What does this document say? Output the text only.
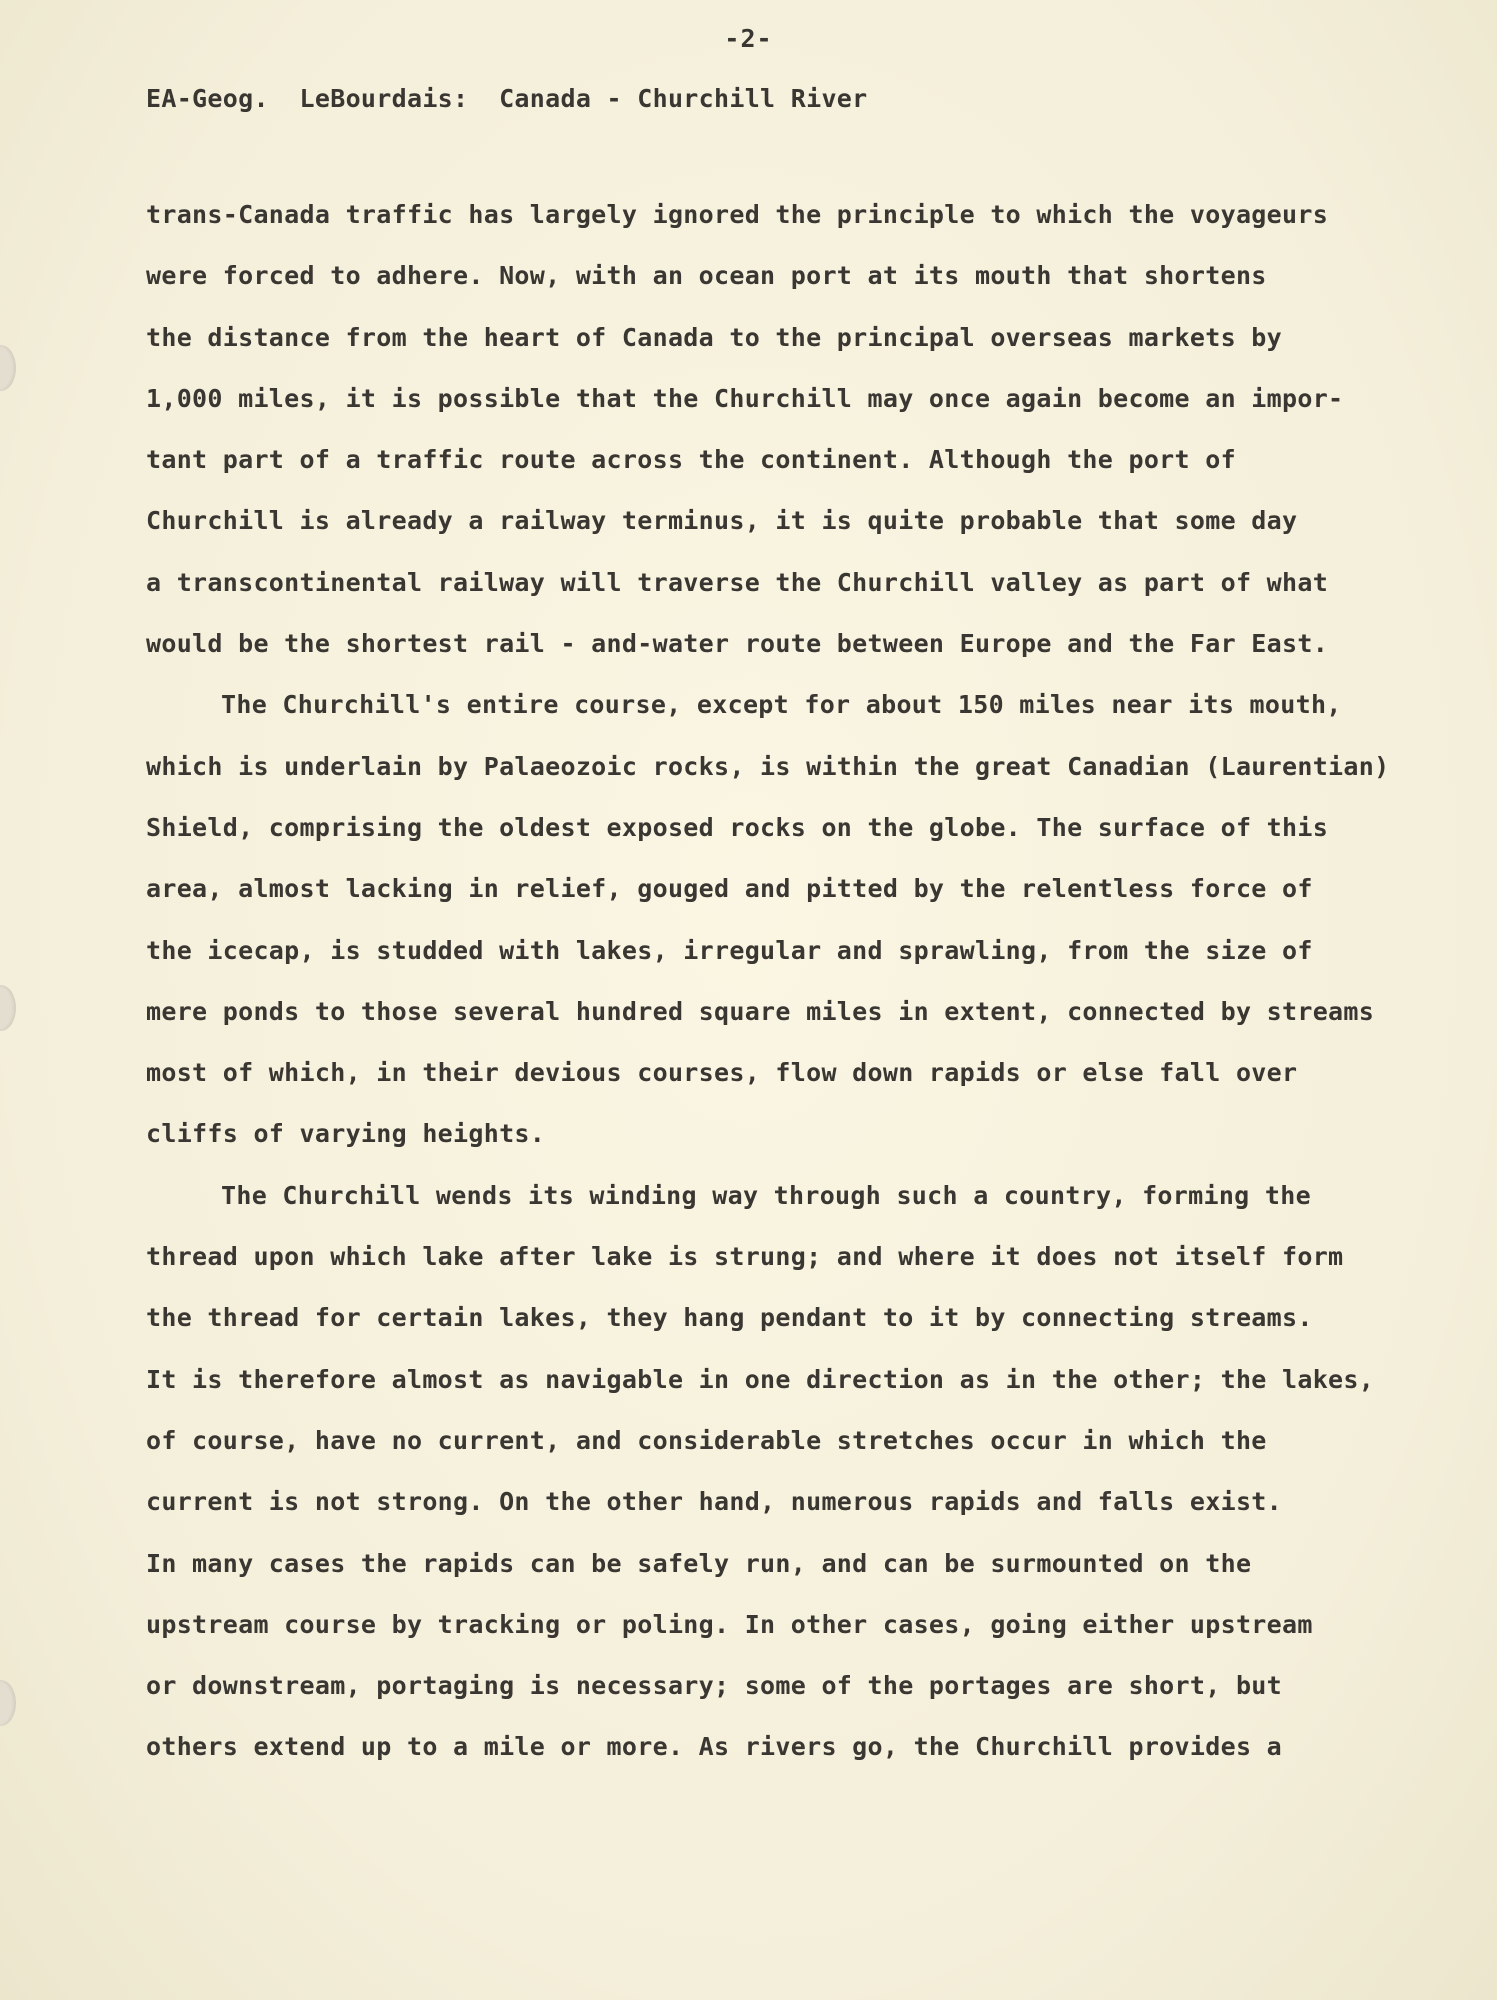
-2-
EA-Geog.  LeBourdais:  Canada - Churchill River
trans-Canada traffic has largely ignored the principle to which the voyageurs
were forced to adhere. Now, with an ocean port at its mouth that shortens
the distance from the heart of Canada to the principal overseas markets by
1,000 miles, it is possible that the Churchill may once again become an impor-
tant part of a traffic route across the continent. Although the port of
Churchill is already a railway terminus, it is quite probable that some day
a transcontinental railway will traverse the Churchill valley as part of what
would be the shortest rail - and-water route between Europe and the Far East.
The Churchill's entire course, except for about 150 miles near its mouth,
which is underlain by Palaeozoic rocks, is within the great Canadian (Laurentian)
Shield, comprising the oldest exposed rocks on the globe. The surface of this
area, almost lacking in relief, gouged and pitted by the relentless force of
the icecap, is studded with lakes, irregular and sprawling, from the size of
mere ponds to those several hundred square miles in extent, connected by streams
most of which, in their devious courses, flow down rapids or else fall over
cliffs of varying heights.
The Churchill wends its winding way through such a country, forming the
thread upon which lake after lake is strung; and where it does not itself form
the thread for certain lakes, they hang pendant to it by connecting streams.
It is therefore almost as navigable in one direction as in the other; the lakes,
of course, have no current, and considerable stretches occur in which the
current is not strong. On the other hand, numerous rapids and falls exist.
In many cases the rapids can be safely run, and can be surmounted on the
upstream course by tracking or poling. In other cases, going either upstream
or downstream, portaging is necessary; some of the portages are short, but
others extend up to a mile or more. As rivers go, the Churchill provides a
